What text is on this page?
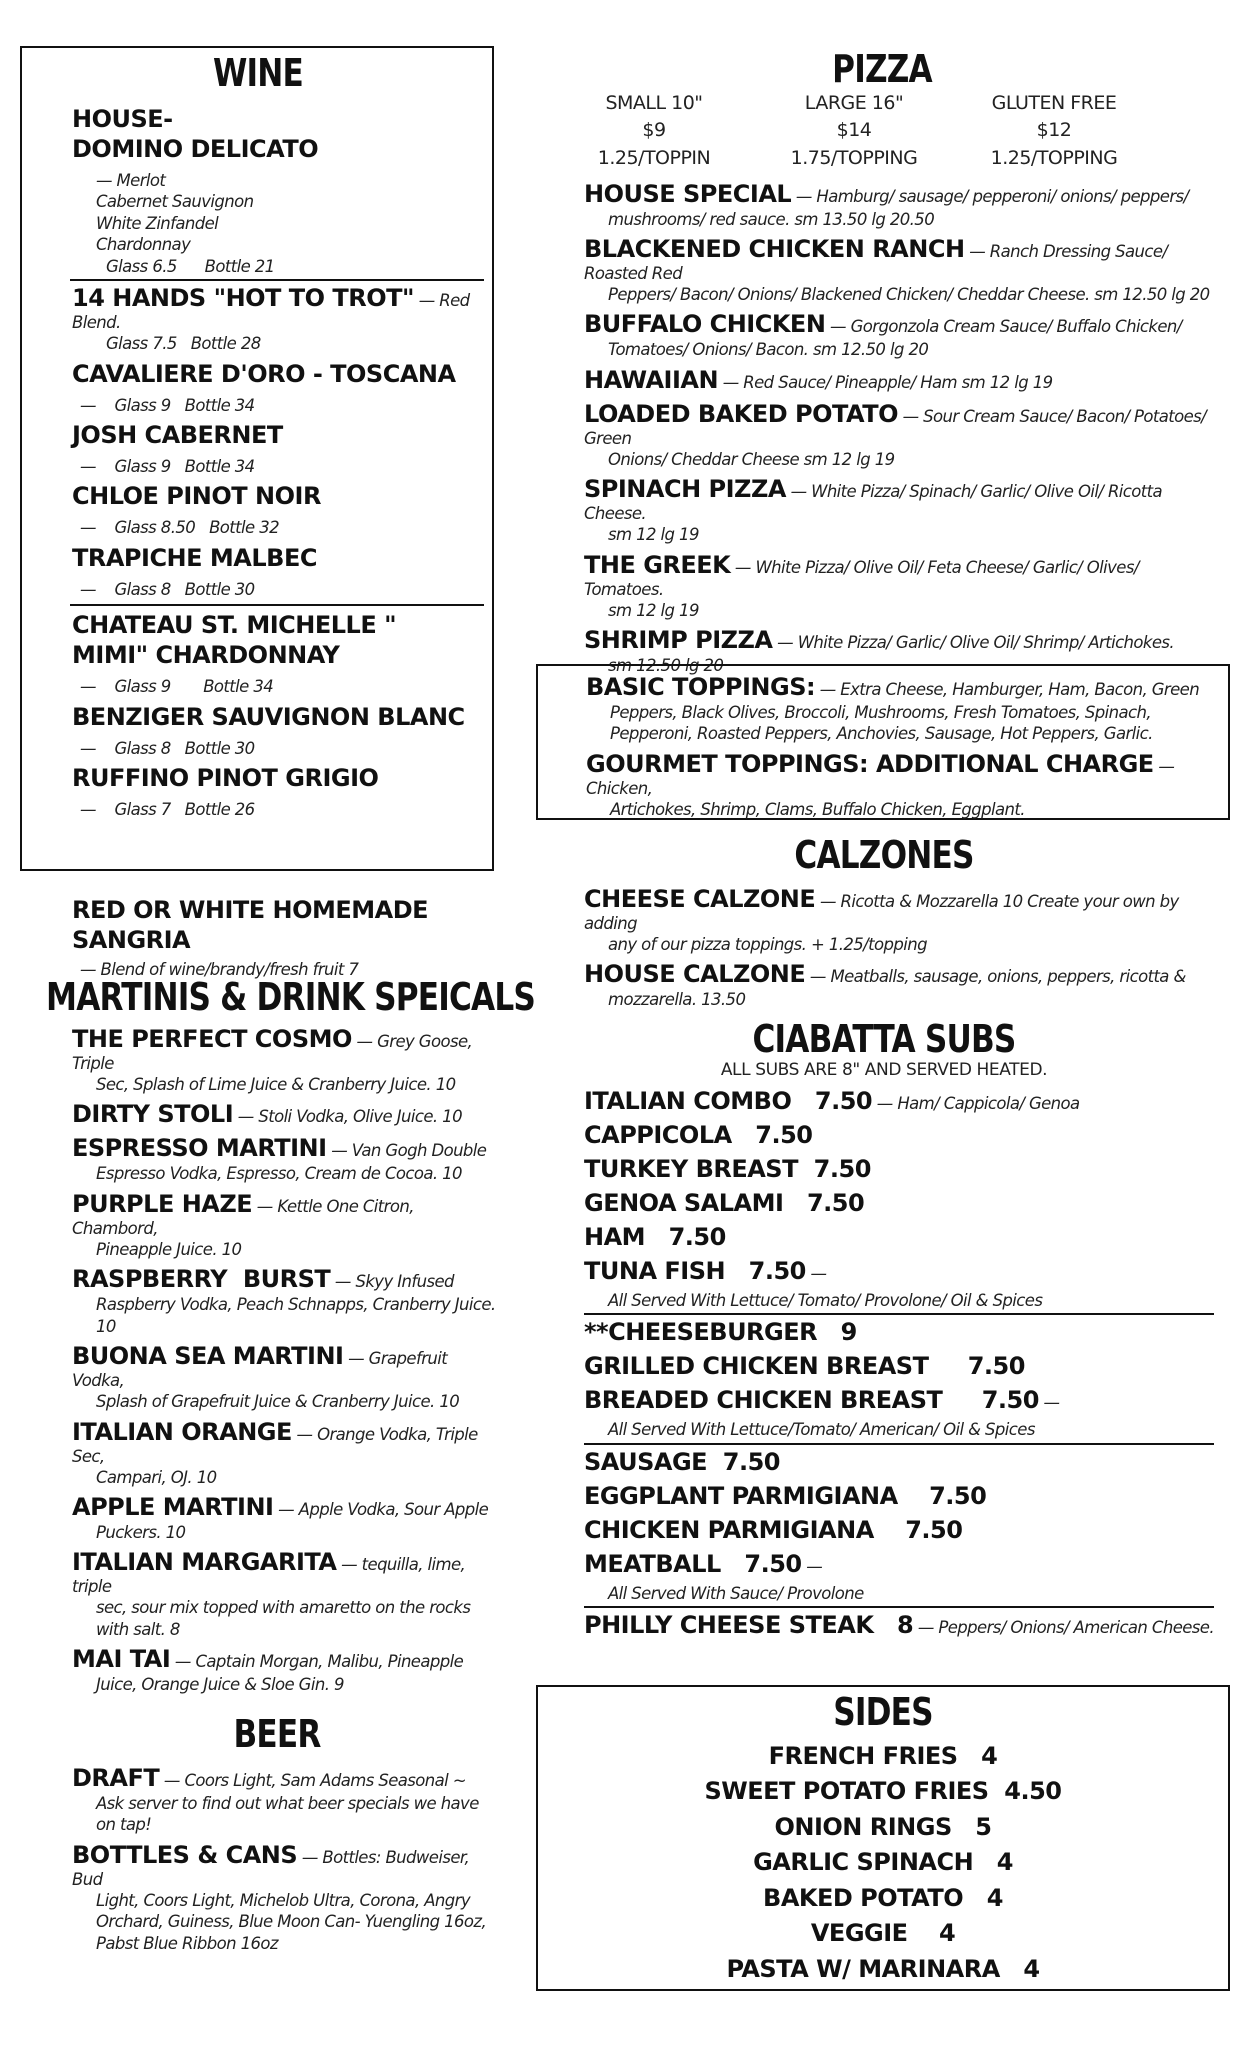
WINE
HOUSE-
DOMINO DELICATO
— Merlot
Cabernet Sauvignon
White Zinfandel
Chardonnay
Glass 6.5      Bottle 21
14 HANDS "HOT TO TROT" — Red Blend.
Glass 7.5   Bottle 28
CAVALIERE D'ORO - TOSCANA
—    Glass 9   Bottle 34
JOSH CABERNET
—    Glass 9   Bottle 34
CHLOE PINOT NOIR
—    Glass 8.50   Bottle 32
TRAPICHE MALBEC
—    Glass 8   Bottle 30
CHATEAU ST. MICHELLE "
MIMI" CHARDONNAY
—    Glass 9       Bottle 34
BENZIGER SAUVIGNON BLANC
—    Glass 8   Bottle 30
RUFFINO PINOT GRIGIO
—    Glass 7   Bottle 26
RED OR WHITE HOMEMADE SANGRIA
— Blend of wine/brandy/fresh fruit 7
MARTINIS & DRINK SPEICALS
THE PERFECT COSMO — Grey Goose, Triple
Sec, Splash of Lime Juice & Cranberry Juice. 10
DIRTY STOLI — Stoli Vodka, Olive Juice. 10
ESPRESSO MARTINI — Van Gogh Double
Espresso Vodka, Espresso, Cream de Cocoa. 10
PURPLE HAZE — Kettle One Citron, Chambord,
Pineapple Juice. 10
RASPBERRY  BURST — Skyy Infused
Raspberry Vodka, Peach Schnapps, Cranberry Juice. 10
BUONA SEA MARTINI — Grapefruit Vodka,
Splash of Grapefruit Juice & Cranberry Juice. 10
ITALIAN ORANGE — Orange Vodka, Triple Sec,
Campari, OJ. 10
APPLE MARTINI — Apple Vodka, Sour Apple
Puckers. 10
ITALIAN MARGARITA — tequilla, lime, triple
sec, sour mix topped with amaretto on the rocks with salt. 8
MAI TAI — Captain Morgan, Malibu, Pineapple
Juice, Orange Juice & Sloe Gin. 9
BEER
DRAFT — Coors Light, Sam Adams Seasonal ~
Ask server to find out what beer specials we have on tap!
BOTTLES & CANS — Bottles: Budweiser, Bud
Light, Coors Light, Michelob Ultra, Corona, Angry Orchard, Guiness, Blue Moon Can- Yuengling 16oz, Pabst Blue Ribbon 16oz
PIZZA
SMALL 10"	LARGE 16"	GLUTEN FREE
$9	$14	$12
1.25/TOPPIN	1.75/TOPPING	1.25/TOPPING
HOUSE SPECIAL — Hamburg/ sausage/ pepperoni/ onions/ peppers/
mushrooms/ red sauce. sm 13.50 lg 20.50
BLACKENED CHICKEN RANCH — Ranch Dressing Sauce/ Roasted Red
Peppers/ Bacon/ Onions/ Blackened Chicken/ Cheddar Cheese. sm 12.50 lg 20
BUFFALO CHICKEN — Gorgonzola Cream Sauce/ Buffalo Chicken/
Tomatoes/ Onions/ Bacon. sm 12.50 lg 20
HAWAIIAN — Red Sauce/ Pineapple/ Ham sm 12 lg 19
LOADED BAKED POTATO — Sour Cream Sauce/ Bacon/ Potatoes/ Green
Onions/ Cheddar Cheese sm 12 lg 19
SPINACH PIZZA — White Pizza/ Spinach/ Garlic/ Olive Oil/ Ricotta Cheese.
sm 12 lg 19
THE GREEK — White Pizza/ Olive Oil/ Feta Cheese/ Garlic/ Olives/ Tomatoes.
sm 12 lg 19
SHRIMP PIZZA — White Pizza/ Garlic/ Olive Oil/ Shrimp/ Artichokes.
sm 12.50 lg 20
BASIC TOPPINGS: — Extra Cheese, Hamburger, Ham, Bacon, Green
Peppers, Black Olives, Broccoli, Mushrooms, Fresh Tomatoes, Spinach, Pepperoni, Roasted Peppers, Anchovies, Sausage, Hot Peppers, Garlic.
GOURMET TOPPINGS: ADDITIONAL CHARGE — Chicken,
Artichokes, Shrimp, Clams, Buffalo Chicken, Eggplant.
CALZONES
CHEESE CALZONE — Ricotta & Mozzarella 10 Create your own by adding
any of our pizza toppings. + 1.25/topping
HOUSE CALZONE — Meatballs, sausage, onions, peppers, ricotta &
mozzarella. 13.50
CIABATTA SUBS
ALL SUBS ARE 8" AND SERVED HEATED.
ITALIAN COMBO   7.50 — Ham/ Cappicola/ Genoa
CAPPICOLA   7.50
TURKEY BREAST  7.50
GENOA SALAMI   7.50
HAM   7.50
TUNA FISH   7.50 —
All Served With Lettuce/ Tomato/ Provolone/ Oil & Spices
**CHEESEBURGER   9
GRILLED CHICKEN BREAST     7.50
BREADED CHICKEN BREAST     7.50 —
All Served With Lettuce/Tomato/ American/ Oil & Spices
SAUSAGE  7.50
EGGPLANT PARMIGIANA    7.50
CHICKEN PARMIGIANA    7.50
MEATBALL   7.50 —
All Served With Sauce/ Provolone
PHILLY CHEESE STEAK   8 — Peppers/ Onions/ American Cheese.
SIDES
FRENCH FRIES   4
SWEET POTATO FRIES  4.50
ONION RINGS   5
GARLIC SPINACH   4
BAKED POTATO   4
VEGGIE    4
PASTA W/ MARINARA   4
